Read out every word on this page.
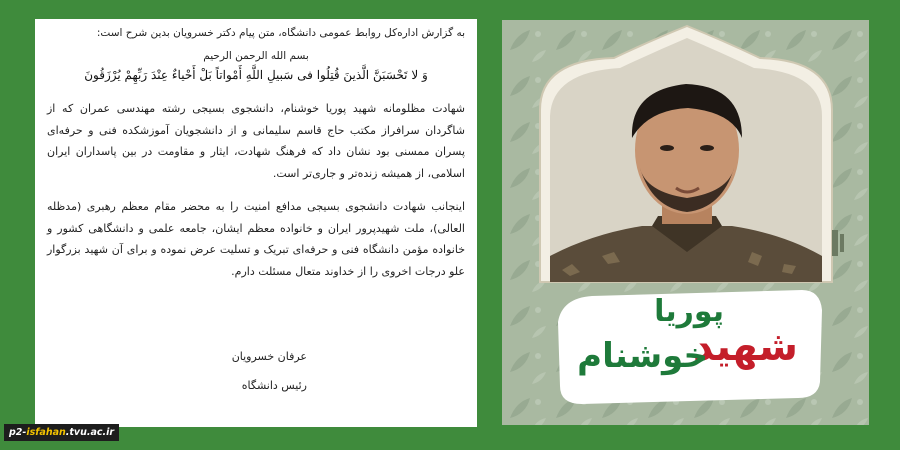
به گزارش اداره‌کل روابط عمومی دانشگاه، متن پیام دکتر خسرویان بدین شرح است:

بسم الله الرحمن الرحیم

وَ لا تَحْسَبَنَّ الَّذینَ قُتِلُوا فی سَبیلِ اللَّهِ أَمْواتاً بَلْ أَحْیاءٌ عِنْدَ رَبِّهِمْ یُرْزَقُونَ

شهادت مظلومانه شهید پوریا خوشنام، دانشجوی بسیجی رشته مهندسی عمران که از شاگردان سرافراز مکتب حاج قاسم سلیمانی و از دانشجویان آموزشکده فنی و حرفه‌ای پسران ممسنی بود نشان داد که فرهنگ شهادت، ایثار و مقاومت در بین پاسداران ایران اسلامی، از همیشه زنده‌تر و جاری‌تر است.

اینجانب شهادت دانشجوی بسیجی مدافع امنیت را به محضر مقام معظم رهبری (مدظله العالی)، ملت شهیدپرور ایران و خانواده معظم ایشان، جامعه علمی و دانشگاهی کشور و خانواده مؤمن دانشگاه فنی و حرفه‌ای تبریک و تسلیت عرض نموده و برای آن شهید بزرگوار علو درجات اخروی را از خداوند متعال مسئلت دارم.

عرفان خسرویان
رئیس دانشگاه
شهید
پوریا
خوشنام
p2-isfahan.tvu.ac.ir
